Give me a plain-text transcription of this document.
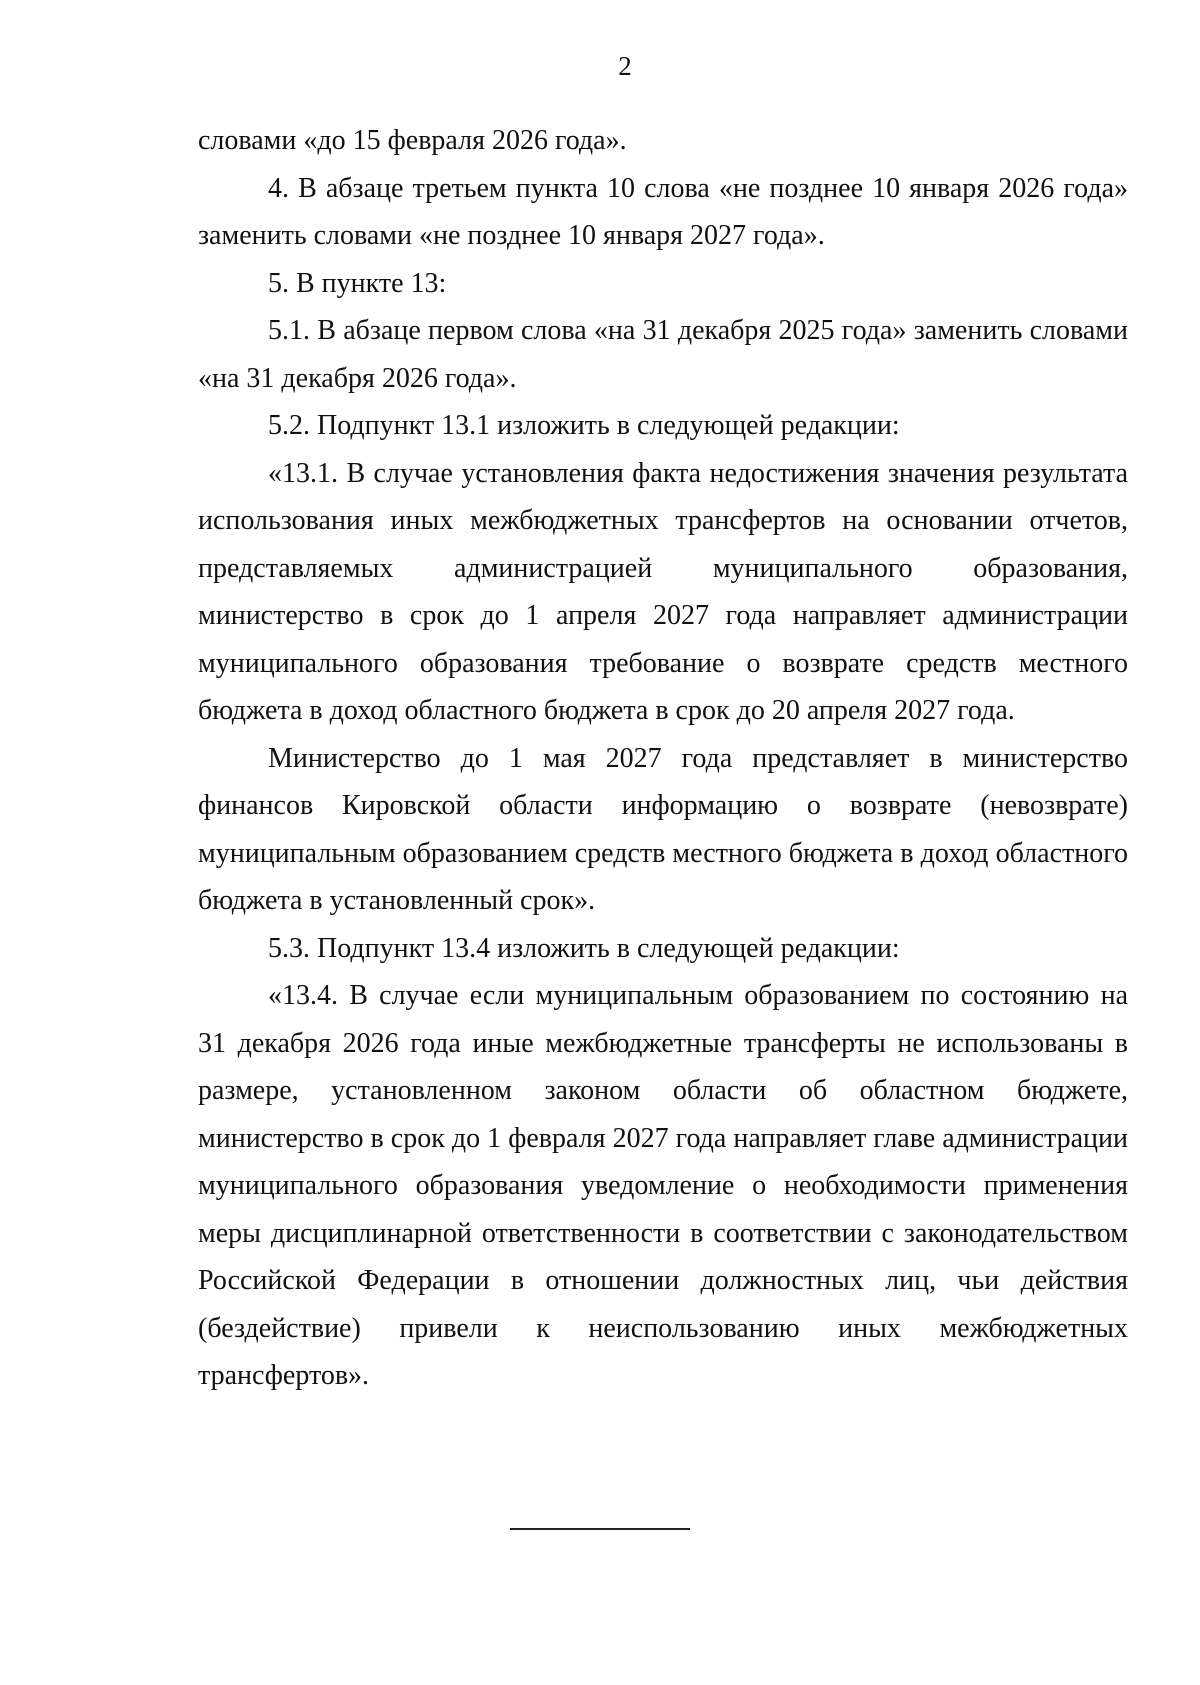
2

словами «до 15 февраля 2026 года».

4. В абзаце третьем пункта 10 слова «не позднее 10 января 2026 года» заменить словами «не позднее 10 января 2027 года».

5. В пункте 13:

5.1. В абзаце первом слова «на 31 декабря 2025 года» заменить словами «на 31 декабря 2026 года».

5.2. Подпункт 13.1 изложить в следующей редакции:

«13.1. В случае установления факта недостижения значения результата использования иных межбюджетных трансфертов на основании отчетов, представляемых администрацией муниципального образования, министерство в срок до 1 апреля 2027 года направляет администрации муниципального образования требование о возврате средств местного бюджета в доход областного бюджета в срок до 20 апреля 2027 года.

Министерство до 1 мая 2027 года представляет в министерство финансов Кировской области информацию о возврате (невозврате) муниципальным образованием средств местного бюджета в доход областного бюджета в установленный срок».

5.3. Подпункт 13.4 изложить в следующей редакции:

«13.4. В случае если муниципальным образованием по состоянию на 31 декабря 2026 года иные межбюджетные трансферты не использованы в размере, установленном законом области об областном бюджете, министерство в срок до 1 февраля 2027 года направляет главе администрации муниципального образования уведомление о необходимости применения меры дисциплинарной ответственности в соответствии с законодательством Российской Федерации в отношении должностных лиц, чьи действия (бездействие) привели к неиспользованию иных межбюджетных трансфертов».
